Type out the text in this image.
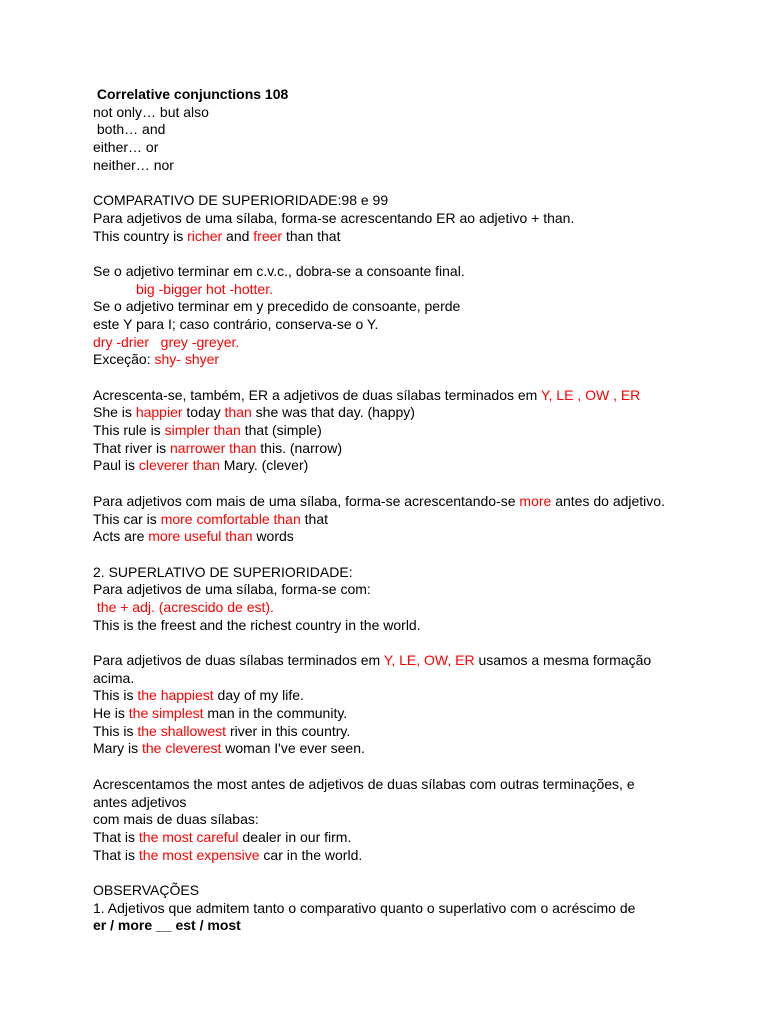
Correlative conjunctions 108
not only… but also
both… and
either… or
neither… nor
COMPARATIVO DE SUPERIORIDADE:98 e 99
Para adjetivos de uma sílaba, forma-se acrescentando ER ao adjetivo + than.
This country is richer and freer than that
Se o adjetivo terminar em c.v.c., dobra-se a consoante final.
big -bigger hot -hotter.
Se o adjetivo terminar em y precedido de consoante, perde
este Y para I; caso contrário, conserva-se o Y.
dry -drier   grey -greyer.
Exceção: shy- shyer
Acrescenta-se, também, ER a adjetivos de duas sílabas terminados em Y, LE , OW , ER
She is happier today than she was that day. (happy)
This rule is simpler than that (simple)
That river is narrower than this. (narrow)
Paul is cleverer than Mary. (clever)
Para adjetivos com mais de uma sílaba, forma-se acrescentando-se more antes do adjetivo.
This car is more comfortable than that
Acts are more useful than words
2. SUPERLATIVO DE SUPERIORIDADE:
Para adjetivos de uma sílaba, forma-se com:
the + adj. (acrescido de est).
This is the freest and the richest country in the world.
Para adjetivos de duas sílabas terminados em Y, LE, OW, ER usamos a mesma formação acima.
This is the happiest day of my life.
He is the simplest man in the community.
This is the shallowest river in this country.
Mary is the cleverest woman I've ever seen.
Acrescentamos the most antes de adjetivos de duas sílabas com outras terminações, e antes adjetivos
com mais de duas sílabas:
That is the most careful dealer in our firm.
That is the most expensive car in the world.
OBSERVAÇÕES
1. Adjetivos que admitem tanto o comparativo quanto o superlativo com o acréscimo de
er / more __ est / most
